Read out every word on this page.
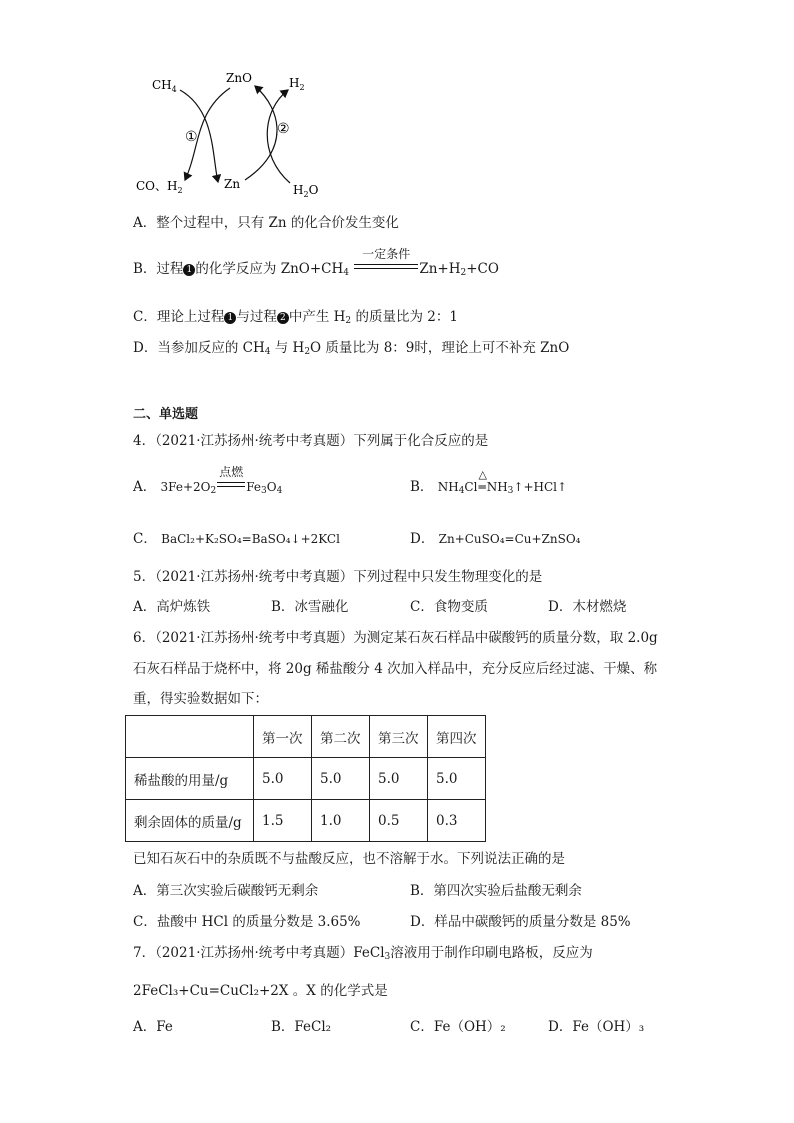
$CH_4$
ZnO	$H_2$
①	②
CO、$H_2$	Zn	$H_2O$
A．整个过程中，只有 Zn 的化合价发生变化
B．过程 1 的化学反应为 $ZnO+CH_4$
一定条件
$Zn+H_2+CO$
C．理论上过程 1 与过程 2 中产生 $H_2$ 的质量比为 2：1
D．当参加反应的 $CH_4$ 与 $H_2O$ 质量比为 8：9时，理论上可不补充 ZnO
二、单选题
4．（2021·江苏扬州·统考中考真题）下列属于化合反应的是
A． $3Fe+2O_2$
点燃
$Fe_3O_4$	B． $NH_4Cl$
△
$═NH_3↑+HCl↑$
C． BaCl₂+K₂SO₄=BaSO₄↓+2KCl	D． Zn+CuSO₄=Cu+ZnSO₄
5．（2021·江苏扬州·统考中考真题）下列过程中只发生物理变化的是
A．高炉炼铁	B．冰雪融化	C．食物变质	D．木材燃烧
6．（2021·江苏扬州·统考中考真题）为测定某石灰石样品中碳酸钙的质量分数，取 2.0g
石灰石样品于烧杯中，将 20g 稀盐酸分 4 次加入样品中，充分反应后经过滤、干燥、称
重，得实验数据如下：
	第一次	第二次	第三次	第四次
稀盐酸的用量/g	5.0	5.0	5.0	5.0
剩余固体的质量/g	1.5	1.0	0.5	0.3
已知石灰石中的杂质既不与盐酸反应，也不溶解于水。下列说法正确的是
A．第三次实验后碳酸钙无剩余	B．第四次实验后盐酸无剩余
C．盐酸中 HCl 的质量分数是 3.65%	D．样品中碳酸钙的质量分数是 85%
7．（2021·江苏扬州·统考中考真题）FeCl$_3$溶液用于制作印刷电路板，反应为
2FeCl₃+Cu=CuCl₂+2X 。X 的化学式是
A．Fe	B．FeCl₂	C．Fe（OH）₂	D．Fe（OH）₃
